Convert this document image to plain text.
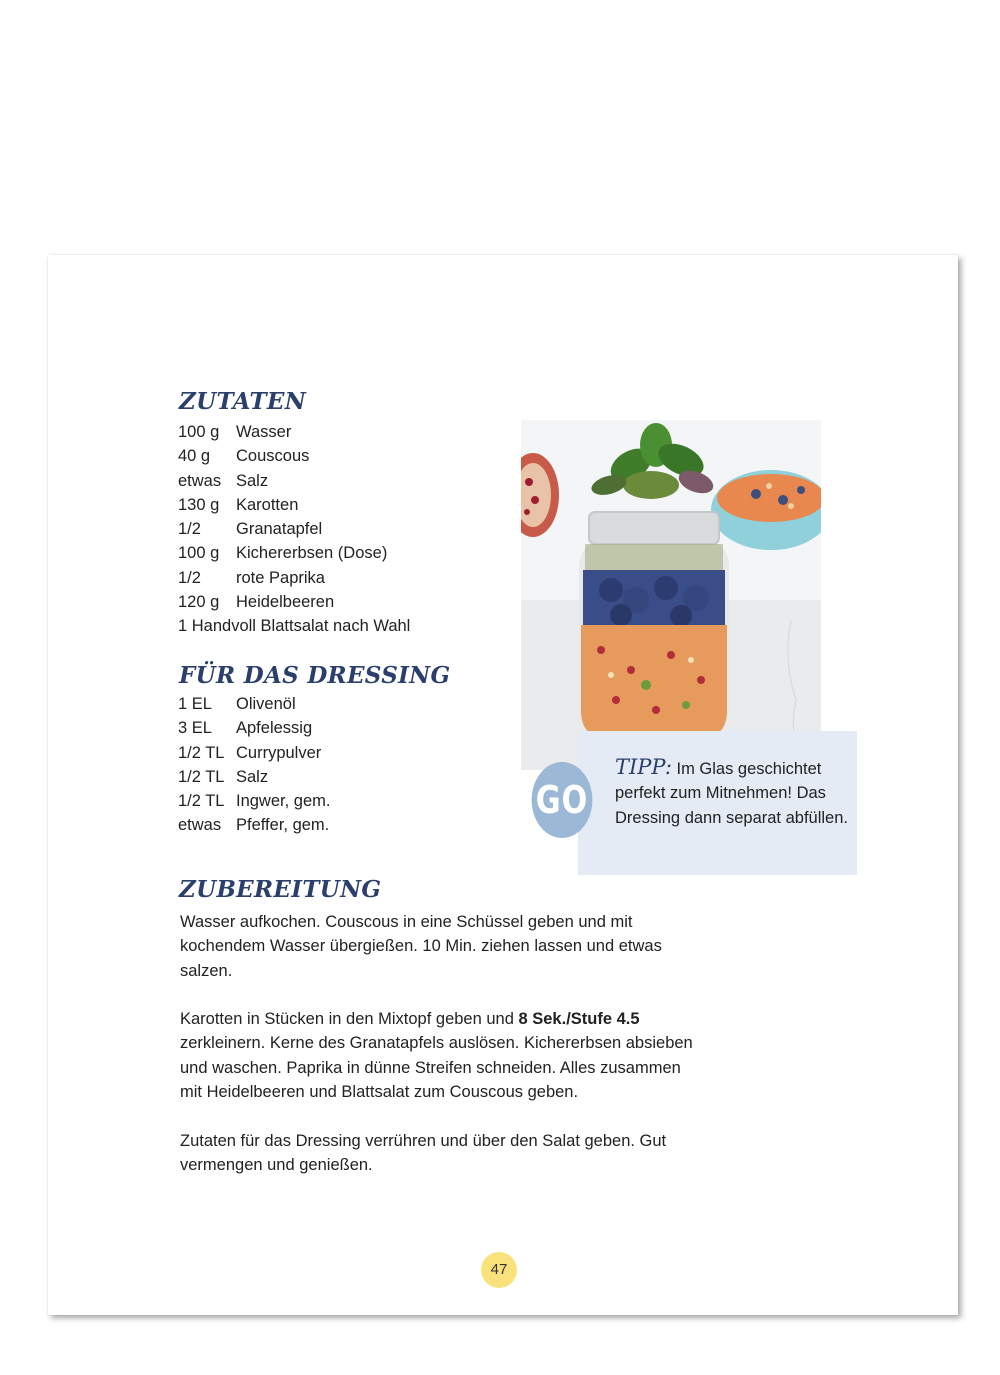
ZUTATEN
100 g Wasser
40 g Couscous
etwas Salz
130 g Karotten
1/2 Granatapfel
100 g Kichererbsen (Dose)
1/2 rote Paprika
120 g Heidelbeeren
1 Handvoll Blattsalat nach Wahl
FÜR DAS DRESSING
1 EL Olivenöl
3 EL Apfelessig
1/2 TL Currypulver
1/2 TL Salz
1/2 TL Ingwer, gem.
etwas Pfeffer, gem.
ZUBEREITUNG

Wasser aufkochen. Couscous in eine Schüssel geben und mit kochendem Wasser übergießen. 10 Min. ziehen lassen und etwas salzen.

Karotten in Stücken in den Mixtopf geben und 8 Sek./Stufe 4.5 zerkleinern. Kerne des Granatapfels auslösen. Kichererbsen absieben und waschen. Paprika in dünne Streifen schneiden. Alles zusammen mit Heidelbeeren und Blattsalat zum Couscous geben.

Zutaten für das Dressing verrühren und über den Salat geben. Gut vermengen und genießen.

TIPP: Im Glas geschichtet perfekt zum Mitnehmen! Das Dressing dann separat abfüllen.
GO
47
